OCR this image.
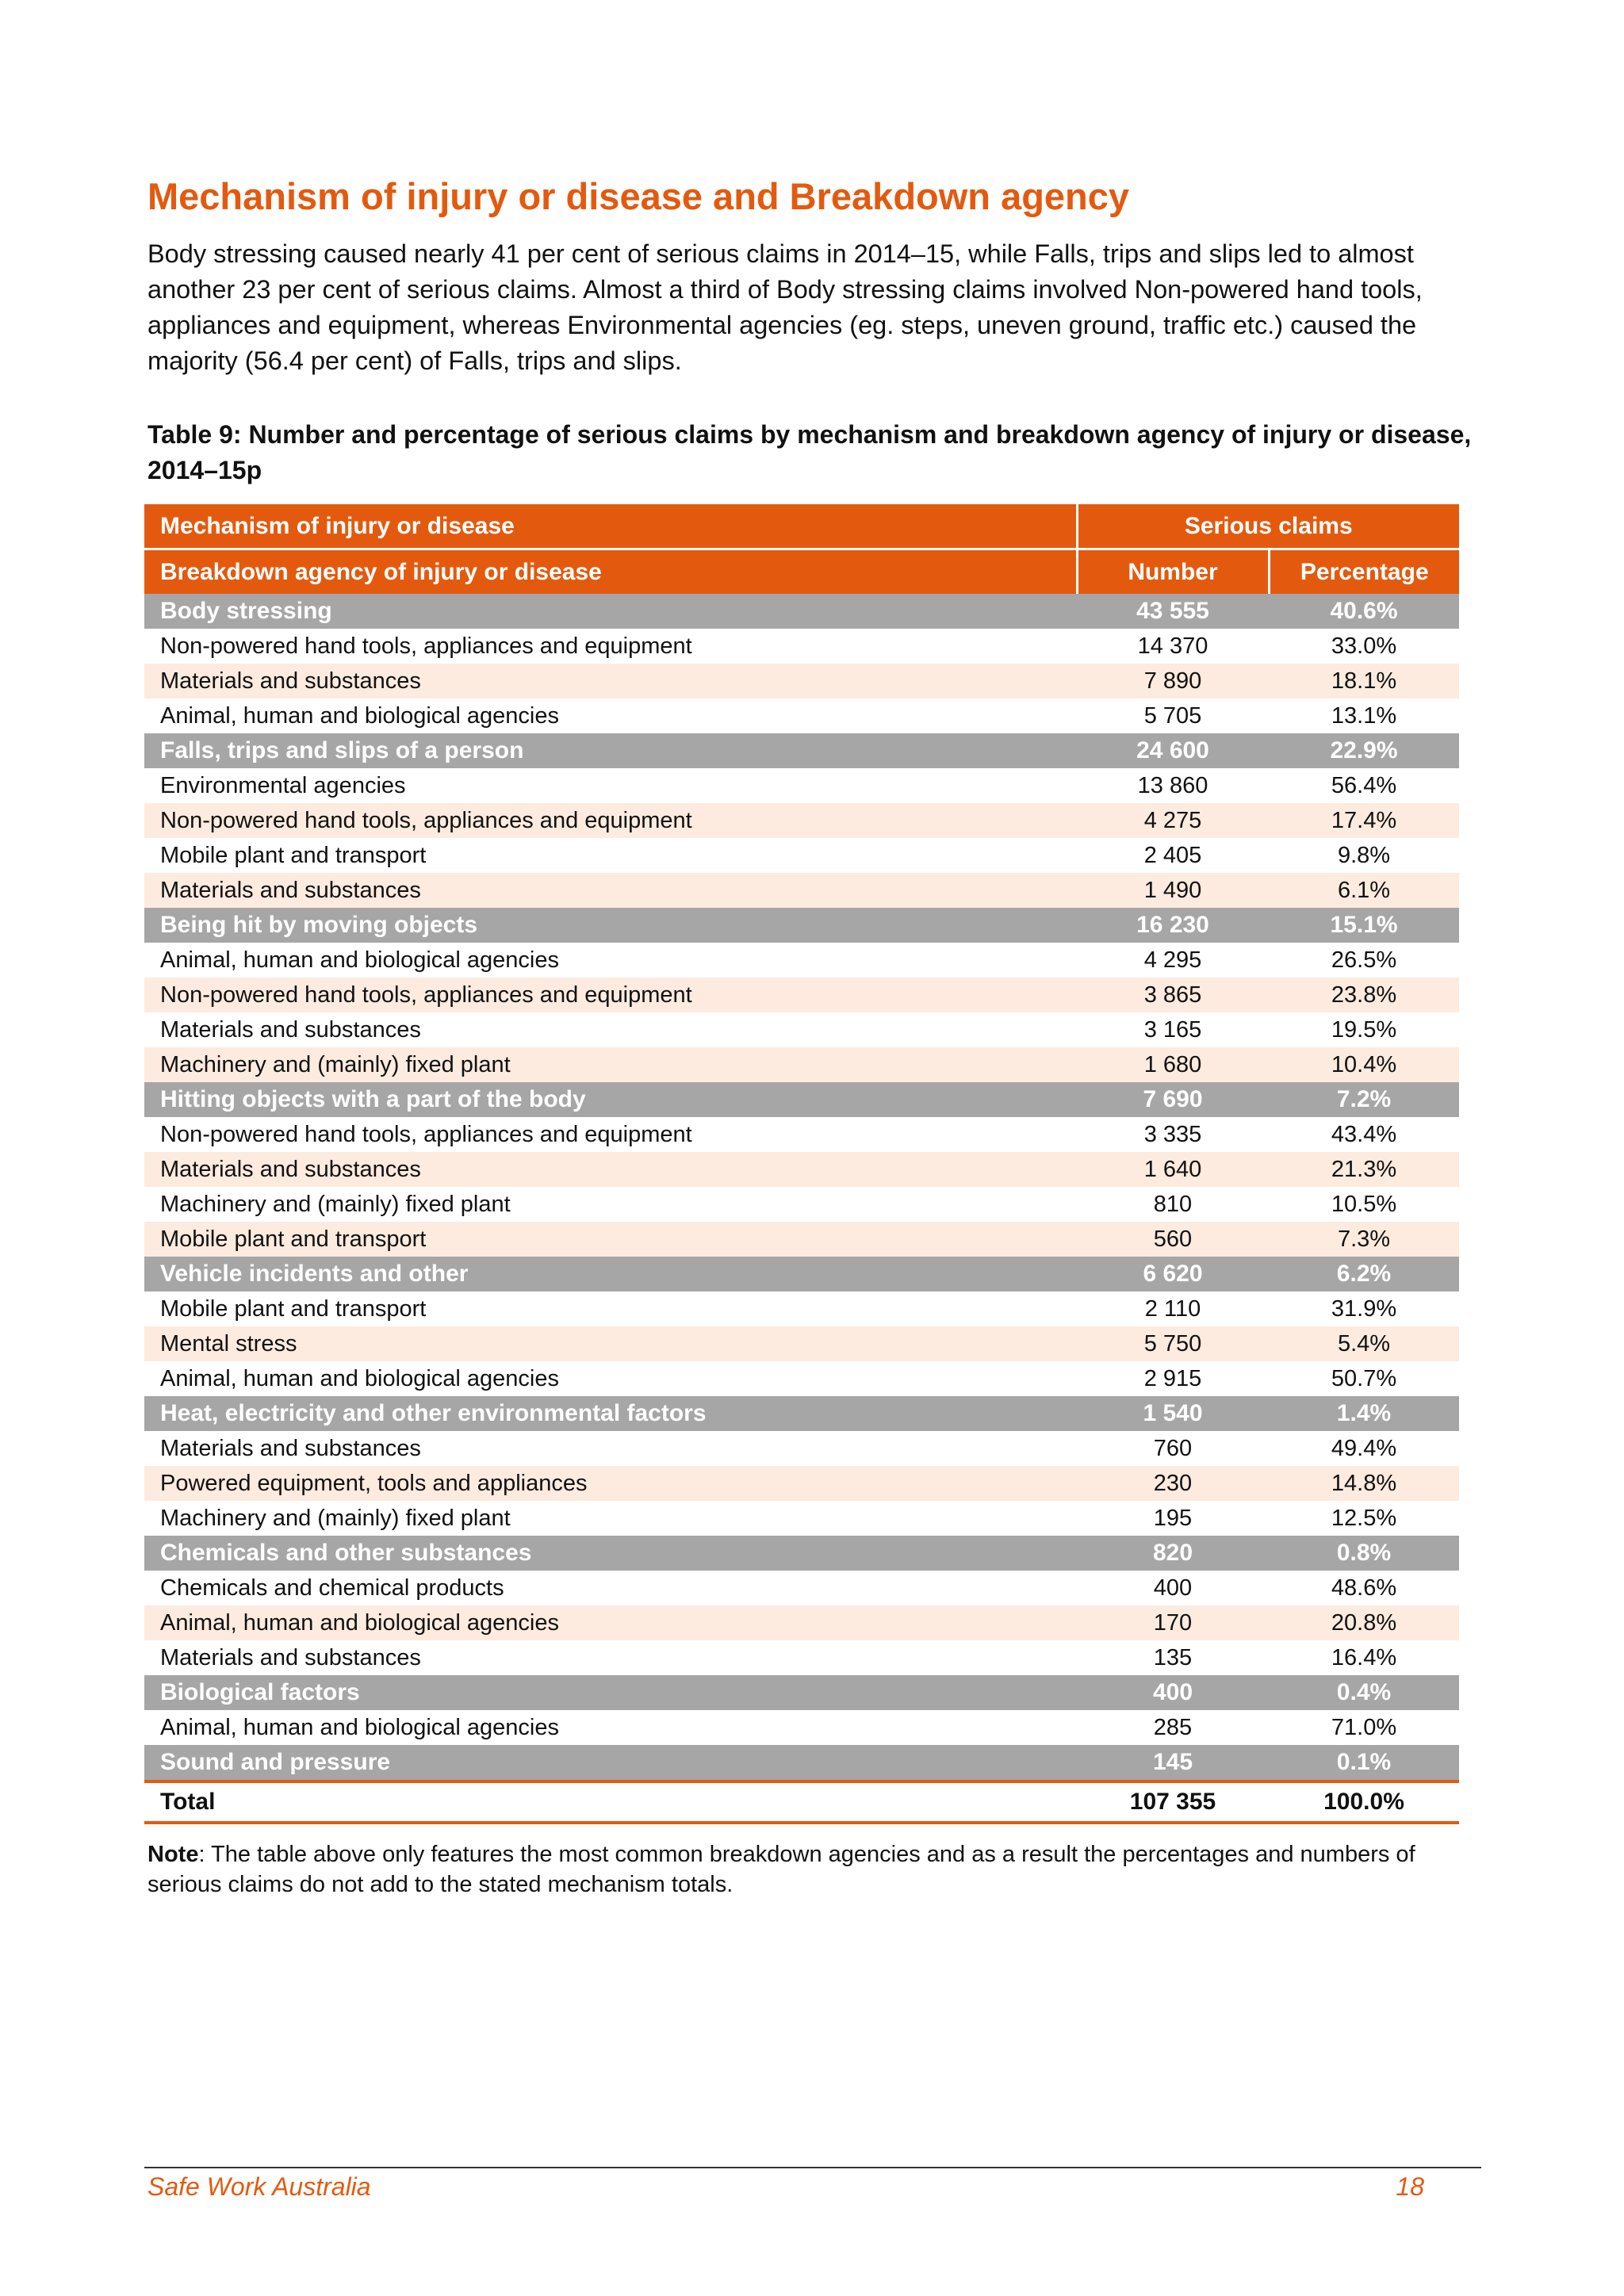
Mechanism of injury or disease and Breakdown agency

Body stressing caused nearly 41 per cent of serious claims in 2014–15, while Falls, trips and slips led to almost another 23 per cent of serious claims. Almost a third of Body stressing claims involved Non-powered hand tools, appliances and equipment, whereas Environmental agencies (eg. steps, uneven ground, traffic etc.) caused the majority (56.4 per cent) of Falls, trips and slips.

Table 9: Number and percentage of serious claims by mechanism and breakdown agency of injury or disease, 2014–15p

Mechanism of injury or disease	Serious claims	
Breakdown agency of injury or disease	Number	Percentage
Body stressing	43 555	40.6%
Non-powered hand tools, appliances and equipment	14 370	33.0%
Materials and substances	7 890	18.1%
Animal, human and biological agencies	5 705	13.1%
Falls, trips and slips of a person	24 600	22.9%
Environmental agencies	13 860	56.4%
Non-powered hand tools, appliances and equipment	4 275	17.4%
Mobile plant and transport	2 405	9.8%
Materials and substances	1 490	6.1%
Being hit by moving objects	16 230	15.1%
Animal, human and biological agencies	4 295	26.5%
Non-powered hand tools, appliances and equipment	3 865	23.8%
Materials and substances	3 165	19.5%
Machinery and (mainly) fixed plant	1 680	10.4%
Hitting objects with a part of the body	7 690	7.2%
Non-powered hand tools, appliances and equipment	3 335	43.4%
Materials and substances	1 640	21.3%
Machinery and (mainly) fixed plant	810	10.5%
Mobile plant and transport	560	7.3%
Vehicle incidents and other	6 620	6.2%
Mobile plant and transport	2 110	31.9%
Mental stress	5 750	5.4%
Animal, human and biological agencies	2 915	50.7%
Heat, electricity and other environmental factors	1 540	1.4%
Materials and substances	760	49.4%
Powered equipment, tools and appliances	230	14.8%
Machinery and (mainly) fixed plant	195	12.5%
Chemicals and other substances	820	0.8%
Chemicals and chemical products	400	48.6%
Animal, human and biological agencies	170	20.8%
Materials and substances	135	16.4%
Biological factors	400	0.4%
Animal, human and biological agencies	285	71.0%
Sound and pressure	145	0.1%
Total	107 355	100.0%

Note: The table above only features the most common breakdown agencies and as a result the percentages and numbers of serious claims do not add to the stated mechanism totals.

Safe Work Australia	18
